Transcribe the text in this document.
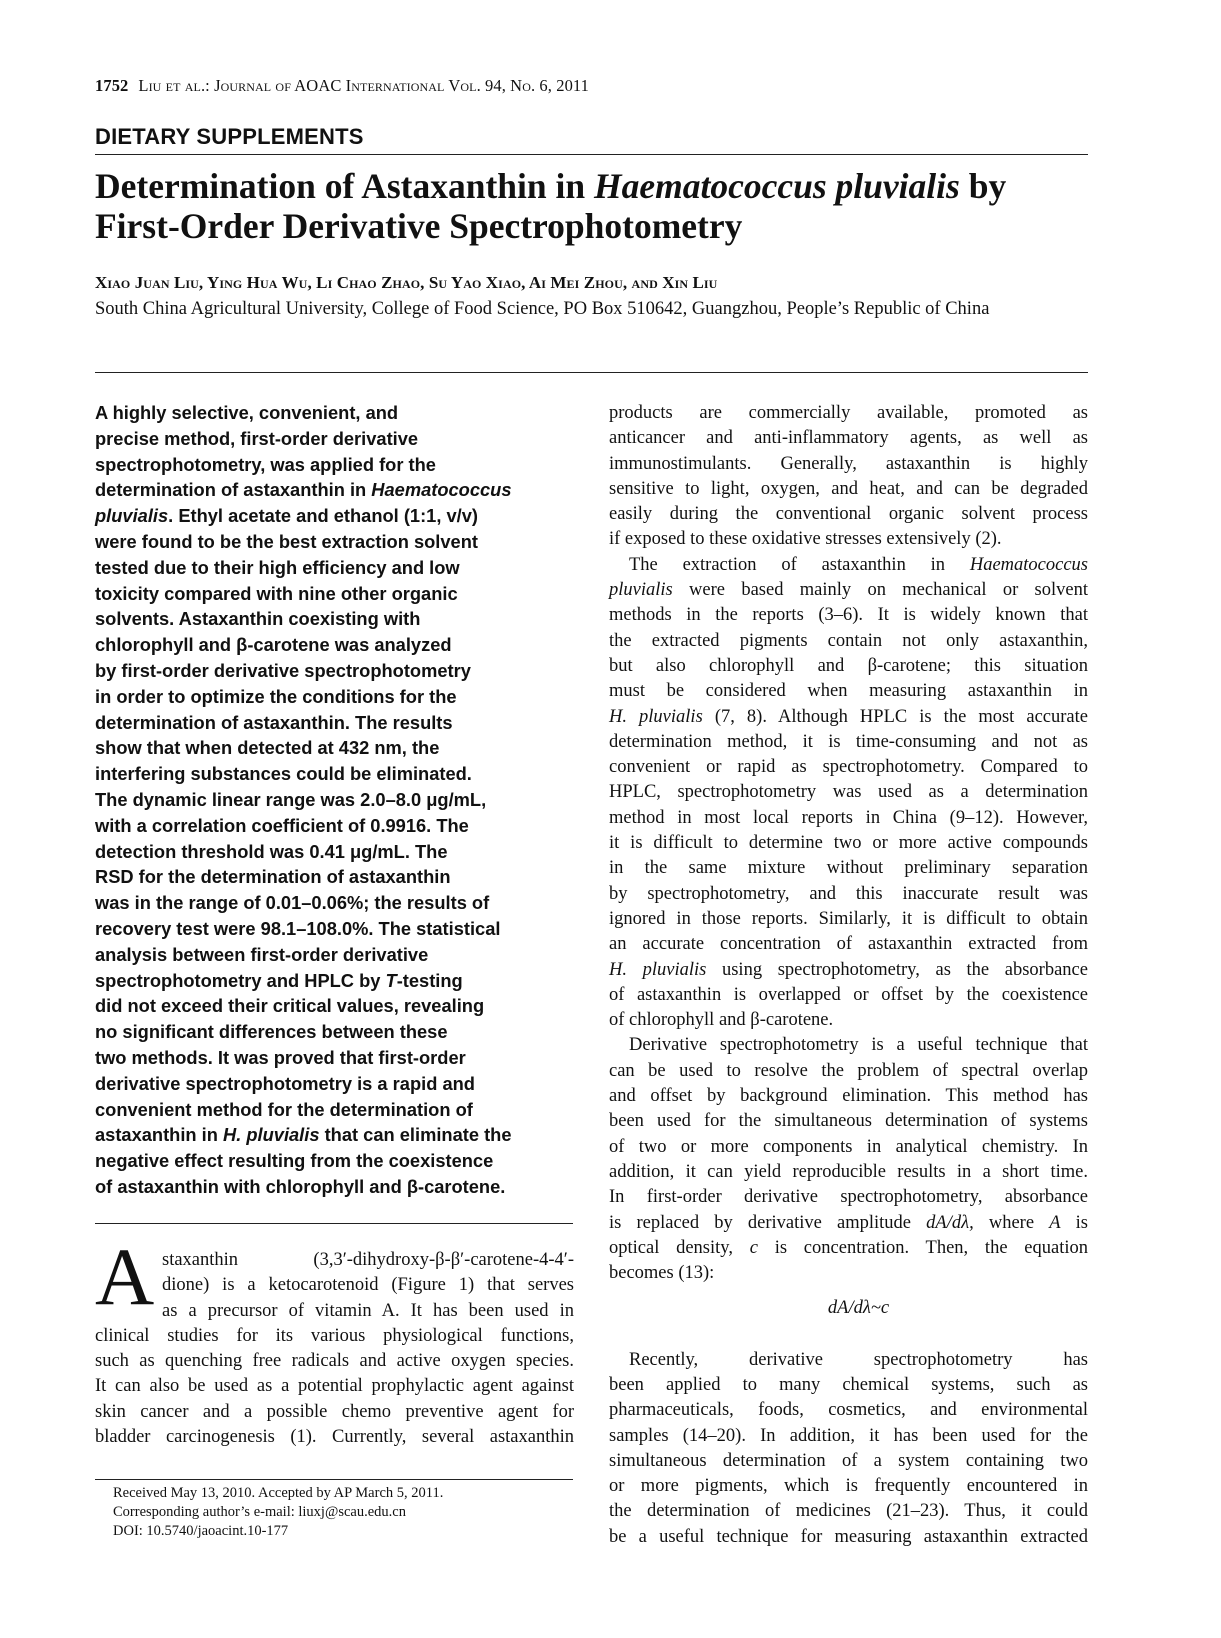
1752 Liu et al.: Journal of AOAC International Vol. 94, No. 6, 2011
DIETARY SUPPLEMENTS
Determination of Astaxanthin in Haematococcus pluvialis by First-Order Derivative Spectrophotometry
Xiao Juan Liu, Ying Hua Wu, Li Chao Zhao, Su Yao Xiao, Ai Mei Zhou, and Xin Liu
South China Agricultural University, College of Food Science, PO Box 510642, Guangzhou, People’s Republic of China
A highly selective, convenient, and
precise method, first-order derivative
spectrophotometry, was applied for the
determination of astaxanthin in Haematococcus
pluvialis. Ethyl acetate and ethanol (1:1, v/v)
were found to be the best extraction solvent
tested due to their high efficiency and low
toxicity compared with nine other organic
solvents. Astaxanthin coexisting with
chlorophyll and β-carotene was analyzed
by first-order derivative spectrophotometry
in order to optimize the conditions for the
determination of astaxanthin. The results
show that when detected at 432 nm, the
interfering substances could be eliminated.
The dynamic linear range was 2.0–8.0 μg/mL,
with a correlation coefficient of 0.9916. The
detection threshold was 0.41 μg/mL. The
RSD for the determination of astaxanthin
was in the range of 0.01–0.06%; the results of
recovery test were 98.1–108.0%. The statistical
analysis between first-order derivative
spectrophotometry and HPLC by T-testing
did not exceed their critical values, revealing
no significant differences between these
two methods. It was proved that first-order
derivative spectrophotometry is a rapid and
convenient method for the determination of
astaxanthin in H. pluvialis that can eliminate the
negative effect resulting from the coexistence
of astaxanthin with chlorophyll and β-carotene.
A staxanthin (3,3′-dihydroxy-β-β′-carotene-4-4′-
dione) is a ketocarotenoid (Figure 1) that serves
as a precursor of vitamin A. It has been used in
clinical studies for its various physiological functions,
such as quenching free radicals and active oxygen species.
It can also be used as a potential prophylactic agent against
skin cancer and a possible chemo preventive agent for
bladder carcinogenesis (1). Currently, several astaxanthin
Received May 13, 2010. Accepted by AP March 5, 2011.
Corresponding author’s e-mail: liuxj@scau.edu.cn
DOI: 10.5740/jaoacint.10-177
products are commercially available, promoted as
anticancer and anti-inflammatory agents, as well as
immunostimulants. Generally, astaxanthin is highly
sensitive to light, oxygen, and heat, and can be degraded
easily during the conventional organic solvent process
if exposed to these oxidative stresses extensively (2).
The extraction of astaxanthin in Haematococcus
pluvialis were based mainly on mechanical or solvent
methods in the reports (3–6). It is widely known that
the extracted pigments contain not only astaxanthin,
but also chlorophyll and β-carotene; this situation
must be considered when measuring astaxanthin in
H. pluvialis (7, 8). Although HPLC is the most accurate
determination method, it is time-consuming and not as
convenient or rapid as spectrophotometry. Compared to
HPLC, spectrophotometry was used as a determination
method in most local reports in China (9–12). However,
it is difficult to determine two or more active compounds
in the same mixture without preliminary separation
by spectrophotometry, and this inaccurate result was
ignored in those reports. Similarly, it is difficult to obtain
an accurate concentration of astaxanthin extracted from
H. pluvialis using spectrophotometry, as the absorbance
of astaxanthin is overlapped or offset by the coexistence
of chlorophyll and β-carotene.
Derivative spectrophotometry is a useful technique that
can be used to resolve the problem of spectral overlap
and offset by background elimination. This method has
been used for the simultaneous determination of systems
of two or more components in analytical chemistry. In
addition, it can yield reproducible results in a short time.
In first-order derivative spectrophotometry, absorbance
is replaced by derivative amplitude dA/dλ, where A is
optical density, c is concentration. Then, the equation
becomes (13):
dA/dλ~c
Recently, derivative spectrophotometry has
been applied to many chemical systems, such as
pharmaceuticals, foods, cosmetics, and environmental
samples (14–20). In addition, it has been used for the
simultaneous determination of a system containing two
or more pigments, which is frequently encountered in
the determination of medicines (21–23). Thus, it could
be a useful technique for measuring astaxanthin extracted
